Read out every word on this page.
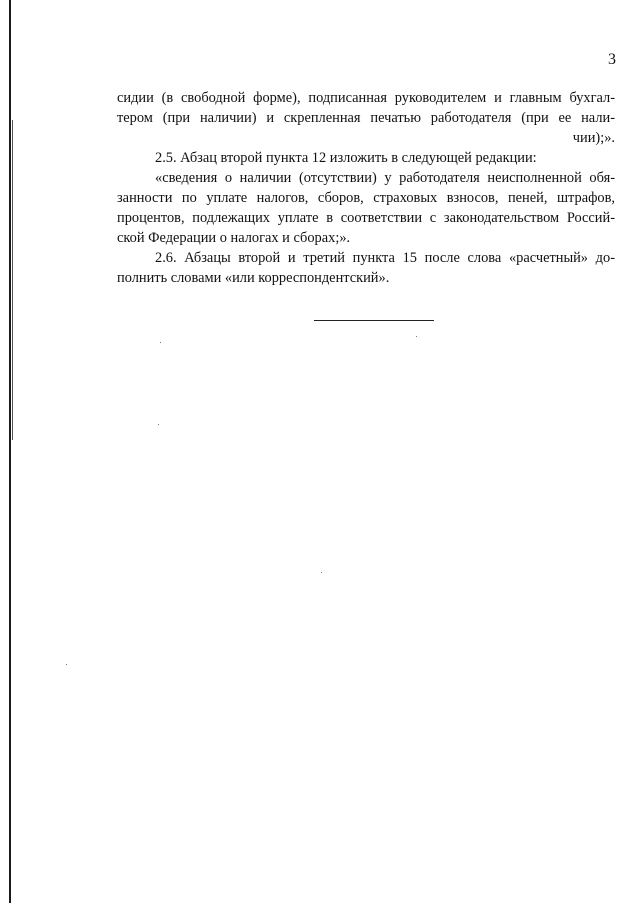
3
сидии (в свободной форме), подписанная руководителем и главным бухгал-
тером (при наличии) и скрепленная печатью работодателя (при ее нали-
чии);».
2.5. Абзац второй пункта 12 изложить в следующей редакции:
«сведения о наличии (отсутствии) у работодателя неисполненной обя-
занности по уплате налогов, сборов, страховых взносов, пеней, штрафов,
процентов, подлежащих уплате в соответствии с законодательством Россий-
ской Федерации о налогах и сборах;».
2.6. Абзацы второй и третий пункта 15 после слова «расчетный» до-
полнить словами «или корреспондентский».
